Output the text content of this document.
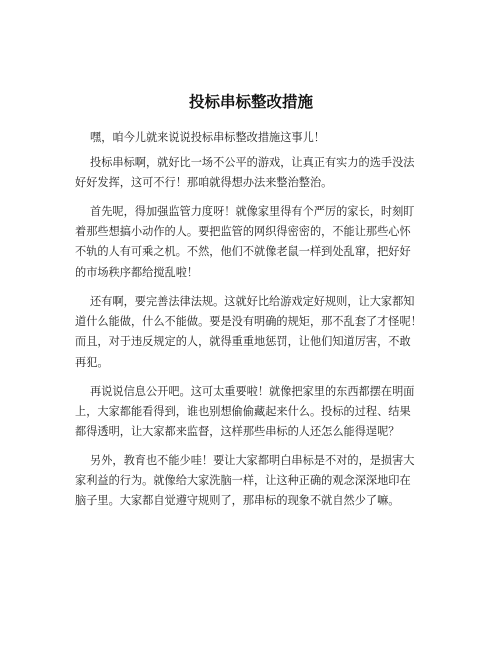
投标串标整改措施

嘿，咱今儿就来说说投标串标整改措施这事儿！

投标串标啊，就好比一场不公平的游戏，让真正有实力的选手没法
好好发挥，这可不行！那咱就得想办法来整治整治。

首先呢，得加强监管力度呀！就像家里得有个严厉的家长，时刻盯
着那些想搞小动作的人。要把监管的网织得密密的，不能让那些心怀
不轨的人有可乘之机。不然，他们不就像老鼠一样到处乱窜，把好好
的市场秩序都给搅乱啦！

还有啊，要完善法律法规。这就好比给游戏定好规则，让大家都知
道什么能做，什么不能做。要是没有明确的规矩，那不乱套了才怪呢！
而且，对于违反规定的人，就得重重地惩罚，让他们知道厉害，不敢
再犯。

再说说信息公开吧。这可太重要啦！就像把家里的东西都摆在明面
上，大家都能看得到，谁也别想偷偷藏起来什么。投标的过程、结果
都得透明，让大家都来监督，这样那些串标的人还怎么能得逞呢？

另外，教育也不能少哇！要让大家都明白串标是不对的，是损害大
家利益的行为。就像给大家洗脑一样，让这种正确的观念深深地印在
脑子里。大家都自觉遵守规则了，那串标的现象不就自然少了嘛。
